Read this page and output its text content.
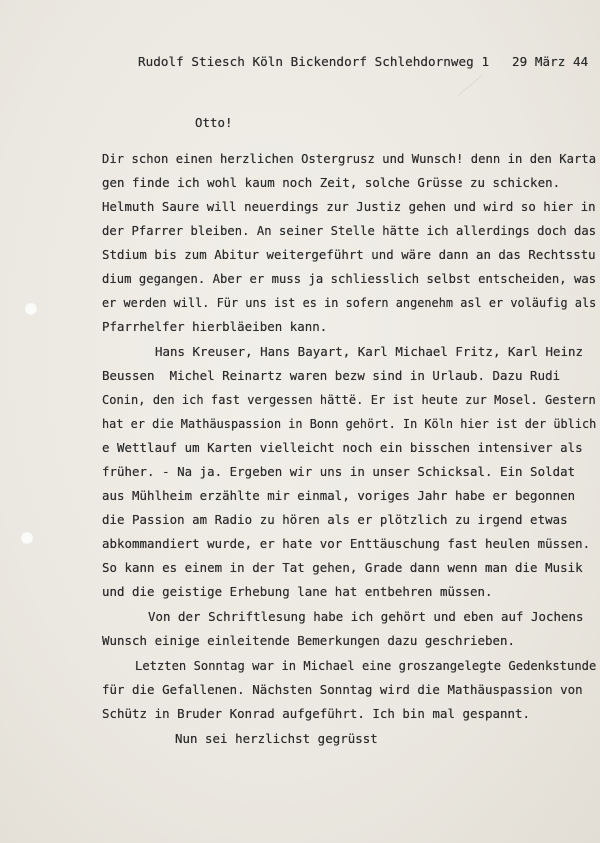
Rudolf Stiesch Köln Bickendorf Schlehdornweg 1   29 März 44
Otto!
Dir schon einen herzlichen Ostergrusz und Wunsch! denn in den Karta
gen finde ich wohl kaum noch Zeit, solche Grüsse zu schicken.
Helmuth Saure will neuerdings zur Justiz gehen und wird so hier in
der Pfarrer bleiben. An seiner Stelle hätte ich allerdings doch das
Stdium bis zum Abitur weitergeführt und wäre dann an das Rechtsstu
dium gegangen. Aber er muss ja schliesslich selbst entscheiden, was
er werden will. Für uns ist es in sofern angenehm asl er voläufig als
Pfarrhelfer hierbläeiben kann.
Hans Kreuser, Hans Bayart, Karl Michael Fritz, Karl Heinz
Beussen  Michel Reinartz waren bezw sind in Urlaub. Dazu Rudi
Conin, den ich fast vergessen hättë. Er ist heute zur Mosel. Gestern
hat er die Mathäuspassion in Bonn gehört. In Köln hier ist der üblich
e Wettlauf um Karten vielleicht noch ein bisschen intensiver als
früher. - Na ja. Ergeben wir uns in unser Schicksal. Ein Soldat
aus Mühlheim erzählte mir einmal, voriges Jahr habe er begonnen
die Passion am Radio zu hören als er plötzlich zu irgend etwas
abkommandiert wurde, er hate vor Enttäuschung fast heulen müssen.
So kann es einem in der Tat gehen, Grade dann wenn man die Musik
und die geistige Erhebung lane hat entbehren müssen.
Von der Schriftlesung habe ich gehört und eben auf Jochens
Wunsch einige einleitende Bemerkungen dazu geschrieben.
Letzten Sonntag war in Michael eine groszangelegte Gedenkstunde
für die Gefallenen. Nächsten Sonntag wird die Mathäuspassion von
Schütz in Bruder Konrad aufgeführt. Ich bin mal gespannt.
Nun sei herzlichst gegrüsst
